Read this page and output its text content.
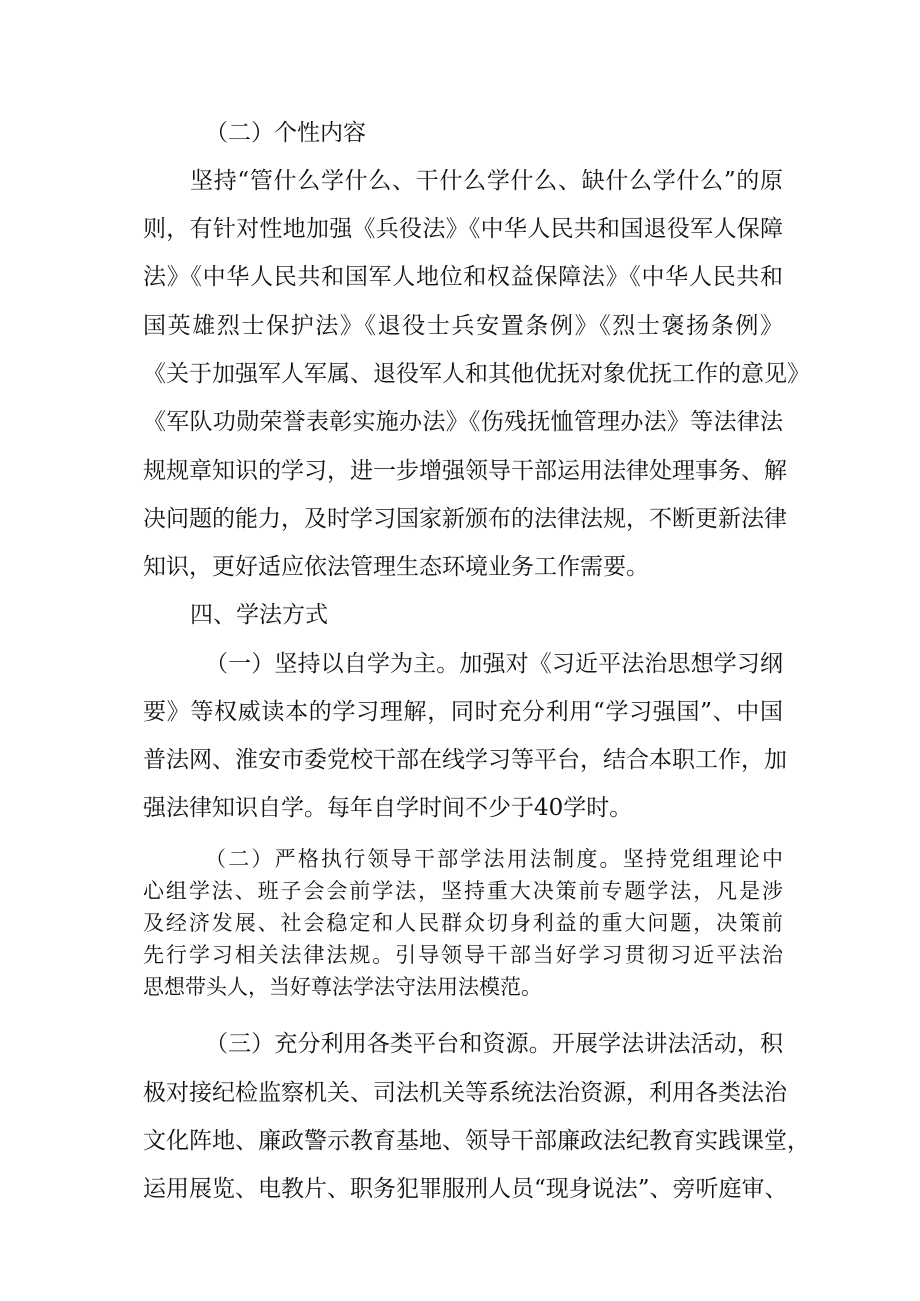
（二）个性内容
坚持“管什么学什么、干什么学什么、缺什么学什么”的原
则，有针对性地加强《兵役法》《中华人民共和国退役军人保障
法》《中华人民共和国军人地位和权益保障法》《中华人民共和
国英雄烈士保护法》《退役士兵安置条例》《烈士褒扬条例》
《关于加强军人军属、退役军人和其他优抚对象优抚工作的意见》
《军队功勋荣誉表彰实施办法》《伤残抚恤管理办法》等法律法
规规章知识的学习，进一步增强领导干部运用法律处理事务、解
决问题的能力，及时学习国家新颁布的法律法规，不断更新法律
知识，更好适应依法管理生态环境业务工作需要。
四、学法方式
（一）坚持以自学为主。加强对《习近平法治思想学习纲
要》等权威读本的学习理解，同时充分利用“学习强国”、中国
普法网、淮安市委党校干部在线学习等平台，结合本职工作，加
强法律知识自学。每年自学时间不少于40学时。
（二）严格执行领导干部学法用法制度。坚持党组理论中
心组学法、班子会会前学法，坚持重大决策前专题学法，凡是涉
及经济发展、社会稳定和人民群众切身利益的重大问题，决策前
先行学习相关法律法规。引导领导干部当好学习贯彻习近平法治
思想带头人，当好尊法学法守法用法模范。
（三）充分利用各类平台和资源。开展学法讲法活动，积
极对接纪检监察机关、司法机关等系统法治资源，利用各类法治
文化阵地、廉政警示教育基地、领导干部廉政法纪教育实践课堂，
运用展览、电教片、职务犯罪服刑人员“现身说法”、旁听庭审、
